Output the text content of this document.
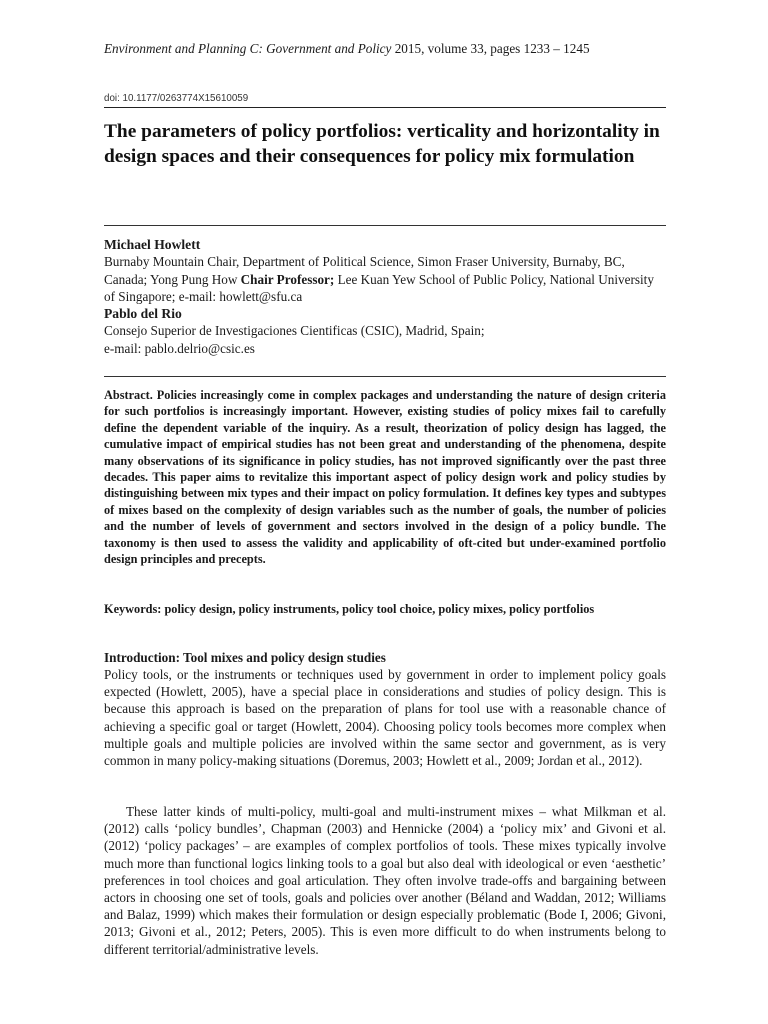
Environment and Planning C: Government and Policy 2015, volume 33, pages 1233 – 1245
doi: 10.1177/0263774X15610059
The parameters of policy portfolios: verticality and horizontality in design spaces and their consequences for policy mix formulation
Michael Howlett
Burnaby Mountain Chair, Department of Political Science, Simon Fraser University, Burnaby, BC, Canada; Yong Pung How Chair Professor; Lee Kuan Yew School of Public Policy, National University of Singapore; e-mail: howlett@sfu.ca
Pablo del Rio
Consejo Superior de Investigaciones Cientificas (CSIC), Madrid, Spain;
e-mail: pablo.delrio@csic.es
Abstract. Policies increasingly come in complex packages and understanding the nature of design criteria for such portfolios is increasingly important. However, existing studies of policy mixes fail to carefully define the dependent variable of the inquiry. As a result, theorization of policy design has lagged, the cumulative impact of empirical studies has not been great and understanding of the phenomena, despite many observations of its significance in policy studies, has not improved significantly over the past three decades. This paper aims to revitalize this important aspect of policy design work and policy studies by distinguishing between mix types and their impact on policy formulation. It defines key types and subtypes of mixes based on the complexity of design variables such as the number of goals, the number of policies and the number of levels of government and sectors involved in the design of a policy bundle. The taxonomy is then used to assess the validity and applicability of oft-cited but under-examined portfolio design principles and precepts.
Keywords: policy design, policy instruments, policy tool choice, policy mixes, policy portfolios
Introduction: Tool mixes and policy design studies

Policy tools, or the instruments or techniques used by government in order to implement policy goals expected (Howlett, 2005), have a special place in considerations and studies of policy design. This is because this approach is based on the preparation of plans for tool use with a reasonable chance of achieving a specific goal or target (Howlett, 2004). Choosing policy tools becomes more complex when multiple goals and multiple policies are involved within the same sector and government, as is very common in many policy-making situations (Doremus, 2003; Howlett et al., 2009; Jordan et al., 2012).

These latter kinds of multi-policy, multi-goal and multi-instrument mixes – what Milkman et al. (2012) calls ‘policy bundles’, Chapman (2003) and Hennicke (2004) a ‘policy mix’ and Givoni et al. (2012) ‘policy packages’ – are examples of complex portfolios of tools. These mixes typically involve much more than functional logics linking tools to a goal but also deal with ideological or even ‘aesthetic’ preferences in tool choices and goal articulation. They often involve trade-offs and bargaining between actors in choosing one set of tools, goals and policies over another (Béland and Waddan, 2012; Williams and Balaz, 1999) which makes their formulation or design especially problematic (Bode I, 2006; Givoni, 2013; Givoni et al., 2012; Peters, 2005). This is even more difficult to do when instruments belong to different territorial/administrative levels.
